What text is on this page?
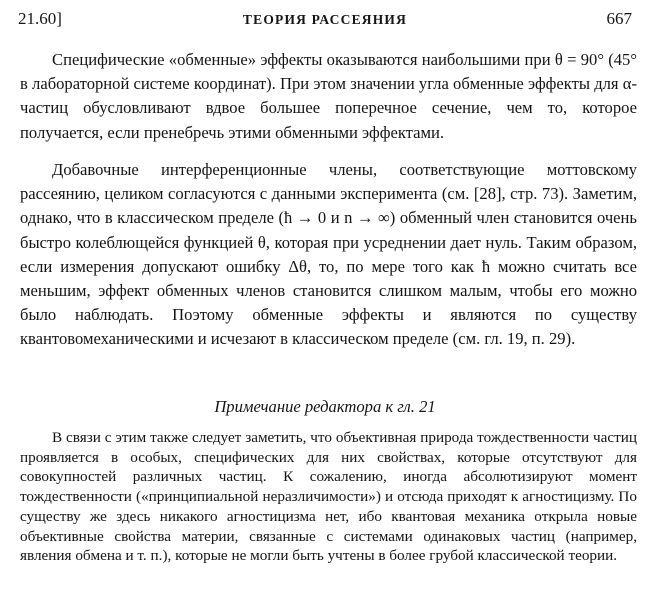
21.60]	ТЕОРИЯ РАССЕЯНИЯ	667

Специфические «обменные» эффекты оказываются наибольшими при θ = 90° (45° в лабораторной системе координат). При этом значении угла обменные эффекты для α-частиц обусловливают вдвое большее поперечное сечение, чем то, которое получается, если пренебречь этими обменными эффектами.

Добавочные интерференционные члены, соответствующие моттовскому рассеянию, целиком согласуются с данными эксперимента (см. [28], стр. 73). Заметим, однако, что в классическом пределе (ħ → 0 и n → ∞) обменный член становится очень быстро колеблющейся функцией θ, которая при усреднении дает нуль. Таким образом, если измерения допускают ошибку Δθ, то, по мере того как ħ можно считать все меньшим, эффект обменных членов становится слишком малым, чтобы его можно было наблюдать. Поэтому обменные эффекты и являются по существу квантовомеханическими и исчезают в классическом пределе (см. гл. 19, п. 29).

Примечание редактора к гл. 21

В связи с этим также следует заметить, что объективная природа тождественности частиц проявляется в особых, специфических для них свойствах, которые отсутствуют для совокупностей различных частиц. К сожалению, иногда абсолютизируют момент тождественности («принципиальной неразличимости») и отсюда приходят к агностицизму. По существу же здесь никакого агностицизма нет, ибо квантовая механика открыла новые объективные свойства материи, связанные с системами одинаковых частиц (например, явления обмена и т. п.), которые не могли быть учтены в более грубой классической теории.
